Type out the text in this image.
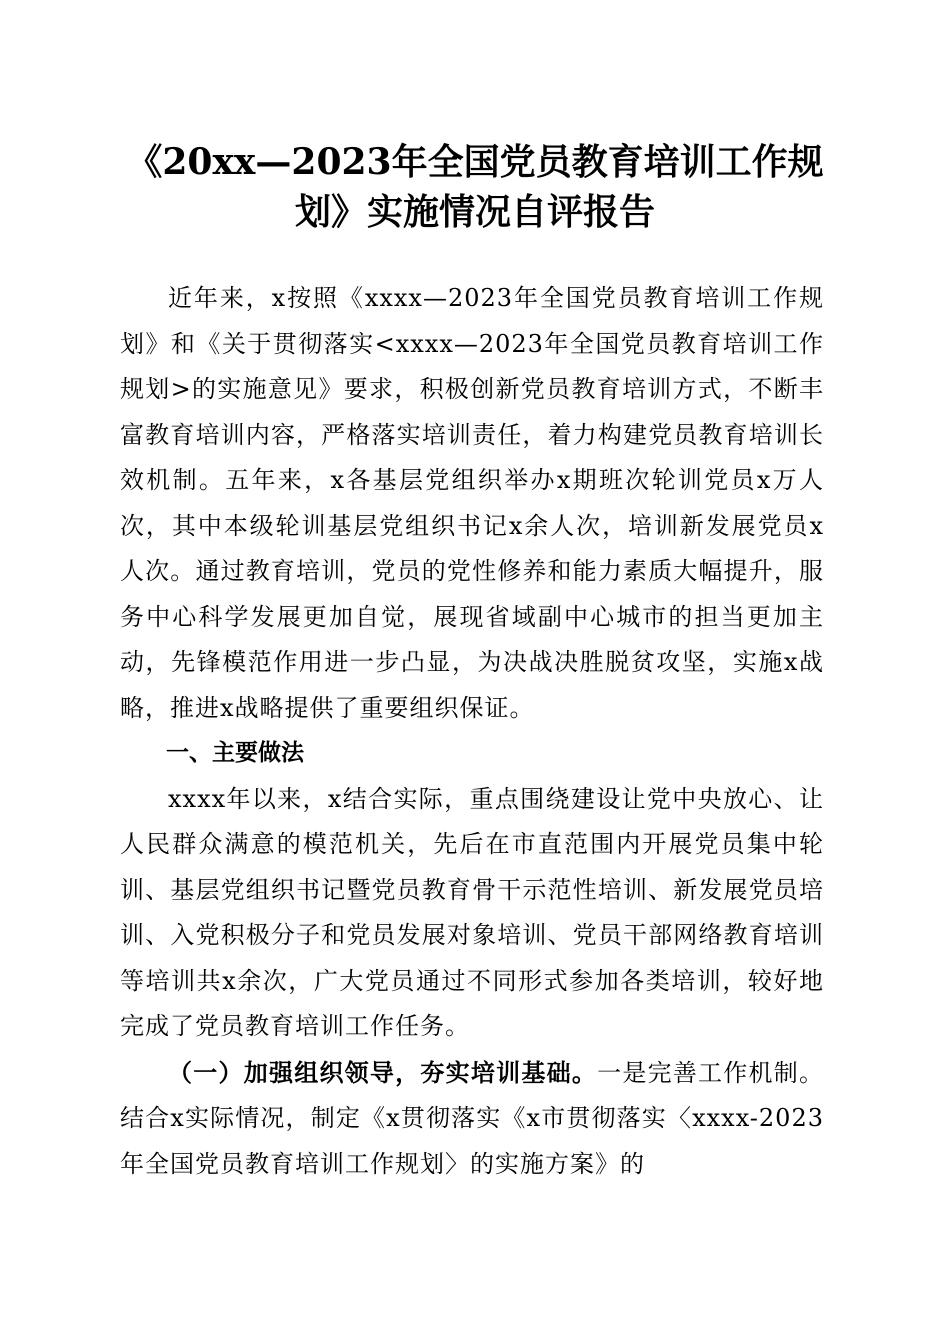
《20xx—2023年全国党员教育培训工作规
划》实施情况自评报告

近年来，x按照《xxxx—2023年全国党员教育培训工作规划》和《关于贯彻落实<xxxx—2023年全国党员教育培训工作规划>的实施意见》要求，积极创新党员教育培训方式，不断丰富教育培训内容，严格落实培训责任，着力构建党员教育培训长效机制。五年来，x各基层党组织举办x期班次轮训党员x万人次，其中本级轮训基层党组织书记x余人次，培训新发展党员x人次。通过教育培训，党员的党性修养和能力素质大幅提升，服务中心科学发展更加自觉，展现省域副中心城市的担当更加主动，先锋模范作用进一步凸显，为决战决胜脱贫攻坚，实施x战略，推进x战略提供了重要组织保证。

一、主要做法

xxxx年以来，x结合实际，重点围绕建设让党中央放心、让人民群众满意的模范机关，先后在市直范围内开展党员集中轮训、基层党组织书记暨党员教育骨干示范性培训、新发展党员培训、入党积极分子和党员发展对象培训、党员干部网络教育培训等培训共x余次，广大党员通过不同形式参加各类培训，较好地完成了党员教育培训工作任务。

（一）加强组织领导，夯实培训基础。一是完善工作机制。结合x实际情况，制定《x贯彻落实《x市贯彻落实〈xxxx-2023年全国党员教育培训工作规划〉的实施方案》的
